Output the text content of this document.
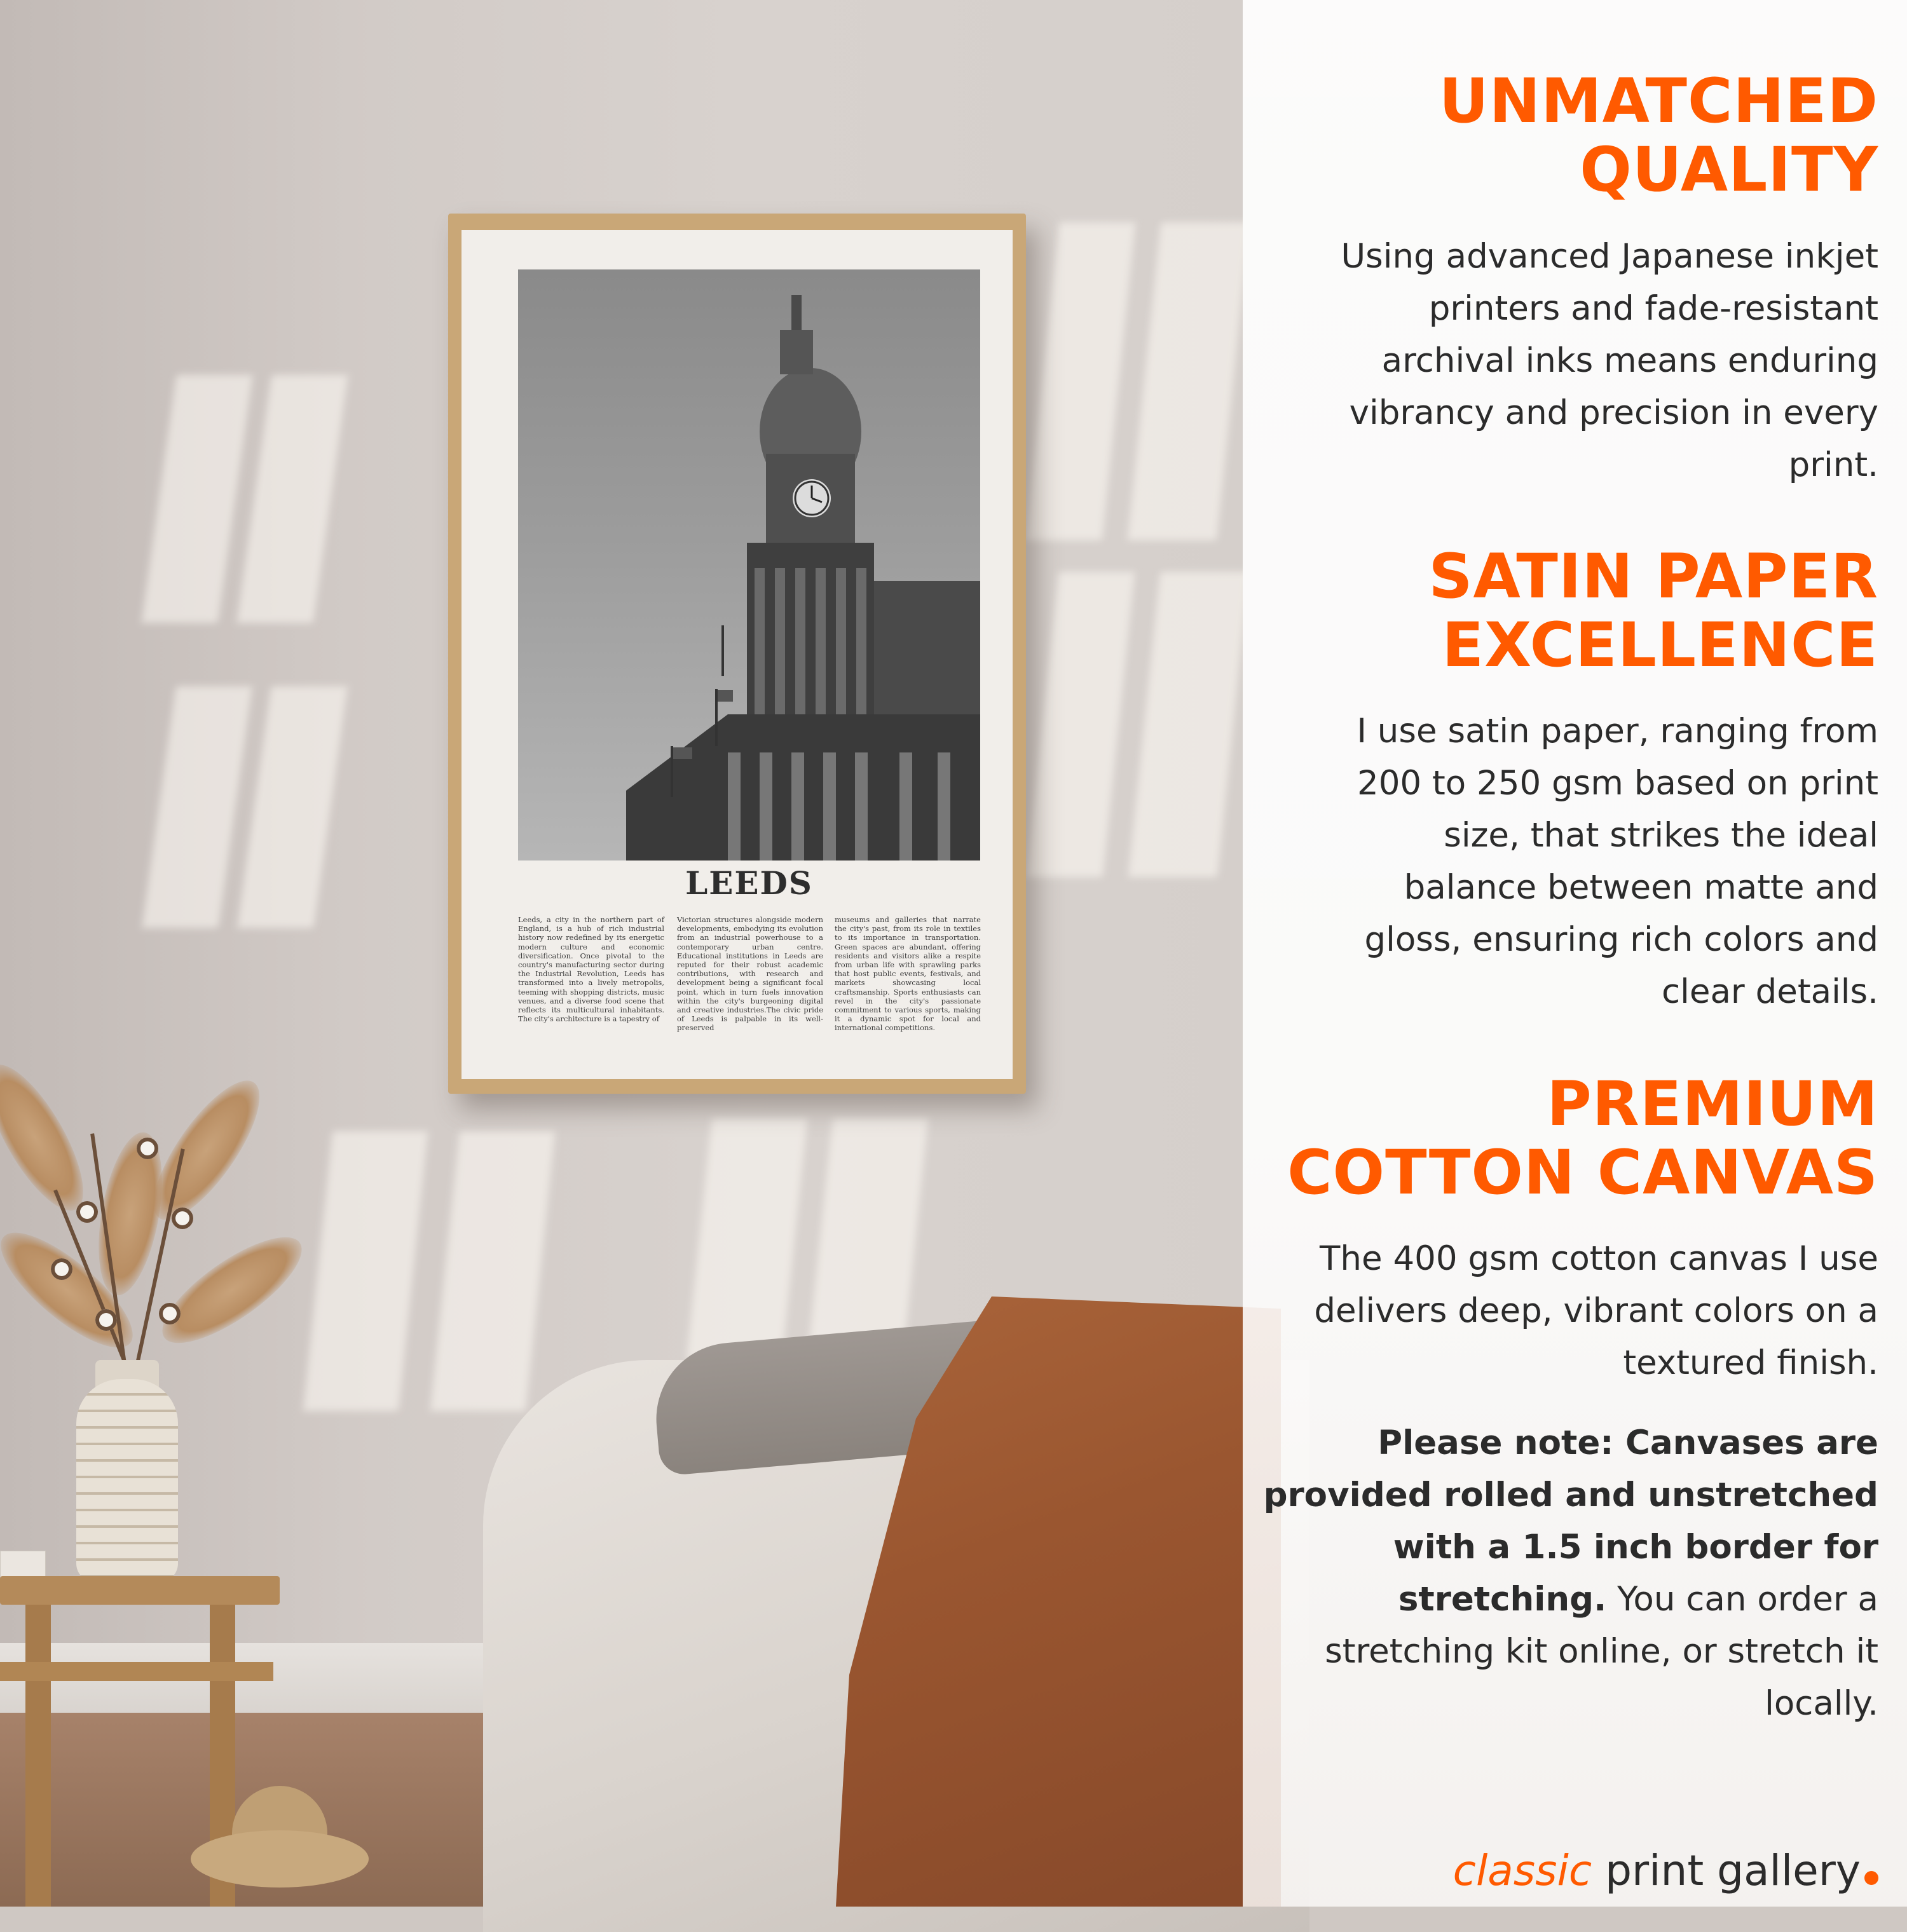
LEEDS
Leeds, a city in the northern part of England, is a hub of rich industrial history now redefined by its energetic modern culture and economic diversification. Once pivotal to the country's manufacturing sector during the Industrial Revolution, Leeds has transformed into a lively metropolis, teeming with shopping districts, music venues, and a diverse food scene that reflects its multicultural inhabitants. The city's architecture is a tapestry of
Victorian structures alongside modern developments, embodying its evolution from an industrial powerhouse to a contemporary urban centre. Educational institutions in Leeds are reputed for their robust academic contributions, with research and development being a significant focal point, which in turn fuels innovation within the city's burgeoning digital and creative industries.The civic pride of Leeds is palpable in its well-preserved
museums and galleries that narrate the city's past, from its role in textiles to its importance in transportation. Green spaces are abundant, offering residents and visitors alike a respite from urban life with sprawling parks that host public events, festivals, and markets showcasing local craftsmanship. Sports enthusiasts can revel in the city's passionate commitment to various sports, making it a dynamic spot for local and international competitions.
UNMATCHED
QUALITY
Using advanced Japanese inkjet
printers and fade-resistant
archival inks means enduring
vibrancy and precision in every
print.
SATIN PAPER
EXCELLENCE
I use satin paper, ranging from
200 to 250 gsm based on print
size, that strikes the ideal
balance between matte and
gloss, ensuring rich colors and
clear details.
PREMIUM
COTTON CANVAS
The 400 gsm cotton canvas I use
delivers deep, vibrant colors on a
textured finish.
Please note: Canvases are
provided rolled and unstretched
with a 1.5 inch border for
stretching. You can order a
stretching kit online, or stretch it
locally.
classic print gallery
